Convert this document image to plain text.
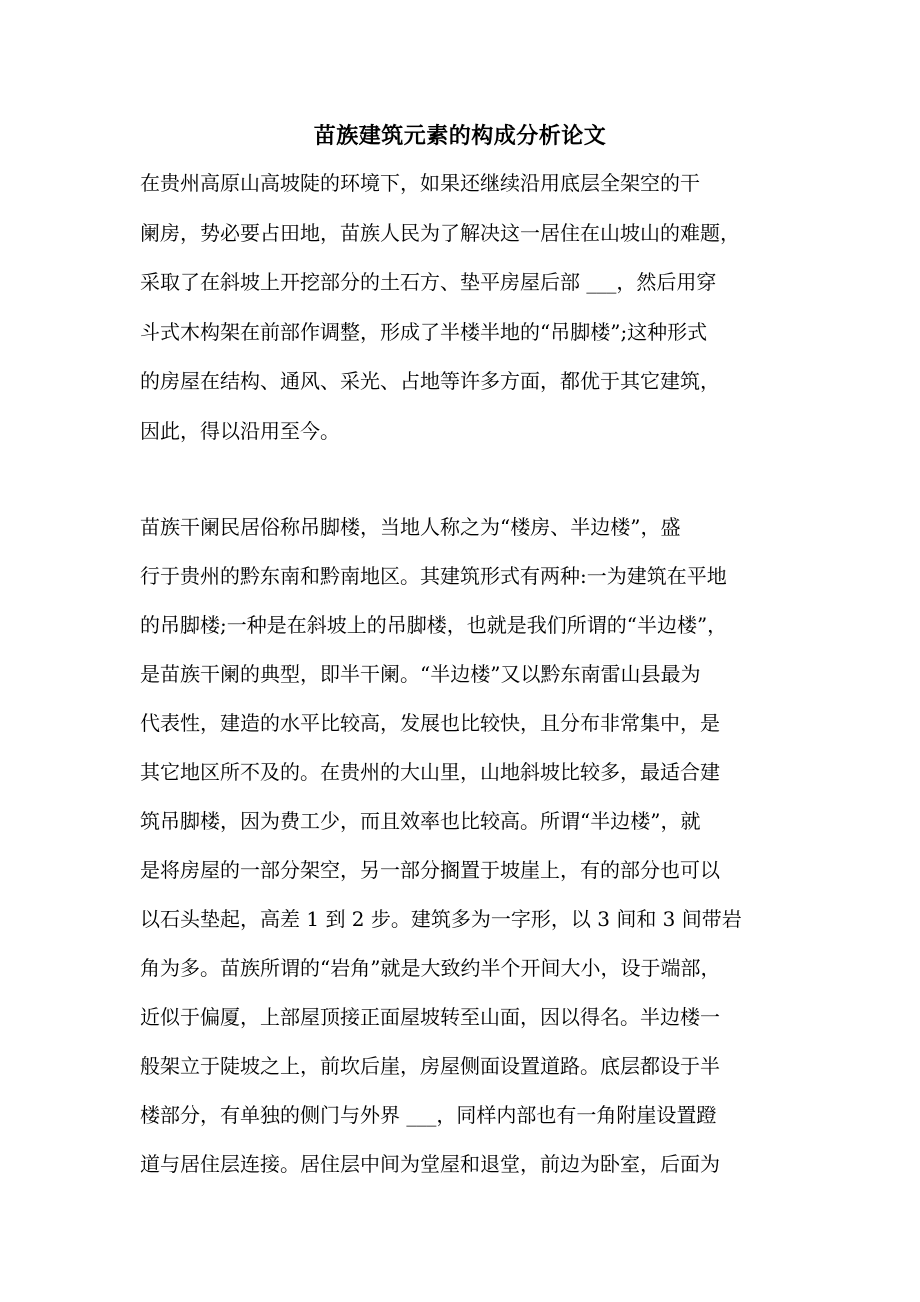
苗族建筑元素的构成分析论文
在贵州高原山高坡陡的环境下，如果还继续沿用底层全架空的干
阑房，势必要占田地，苗族人民为了解决这一居住在山坡山的难题，
采取了在斜坡上开挖部分的土石方、垫平房屋后部 ___，然后用穿
斗式木构架在前部作调整，形成了半楼半地的“吊脚楼”;这种形式
的房屋在结构、通风、采光、占地等许多方面，都优于其它建筑，
因此，得以沿用至今。
苗族干阑民居俗称吊脚楼，当地人称之为“楼房、半边楼”，盛
行于贵州的黔东南和黔南地区。其建筑形式有两种:一为建筑在平地
的吊脚楼;一种是在斜坡上的吊脚楼，也就是我们所谓的“半边楼”，
是苗族干阑的典型，即半干阑。“半边楼”又以黔东南雷山县最为
代表性，建造的水平比较高，发展也比较快，且分布非常集中，是
其它地区所不及的。在贵州的大山里，山地斜坡比较多，最适合建
筑吊脚楼，因为费工少，而且效率也比较高。所谓“半边楼”，就
是将房屋的一部分架空，另一部分搁置于坡崖上，有的部分也可以
以石头垫起，高差 1 到 2 步。建筑多为一字形，以 3 间和 3 间带岩
角为多。苗族所谓的“岩角”就是大致约半个开间大小，设于端部，
近似于偏厦，上部屋顶接正面屋坡转至山面，因以得名。半边楼一
般架立于陡坡之上，前坎后崖，房屋侧面设置道路。底层都设于半
楼部分，有单独的侧门与外界 ___，同样内部也有一角附崖设置蹬
道与居住层连接。居住层中间为堂屋和退堂，前边为卧室，后面为
